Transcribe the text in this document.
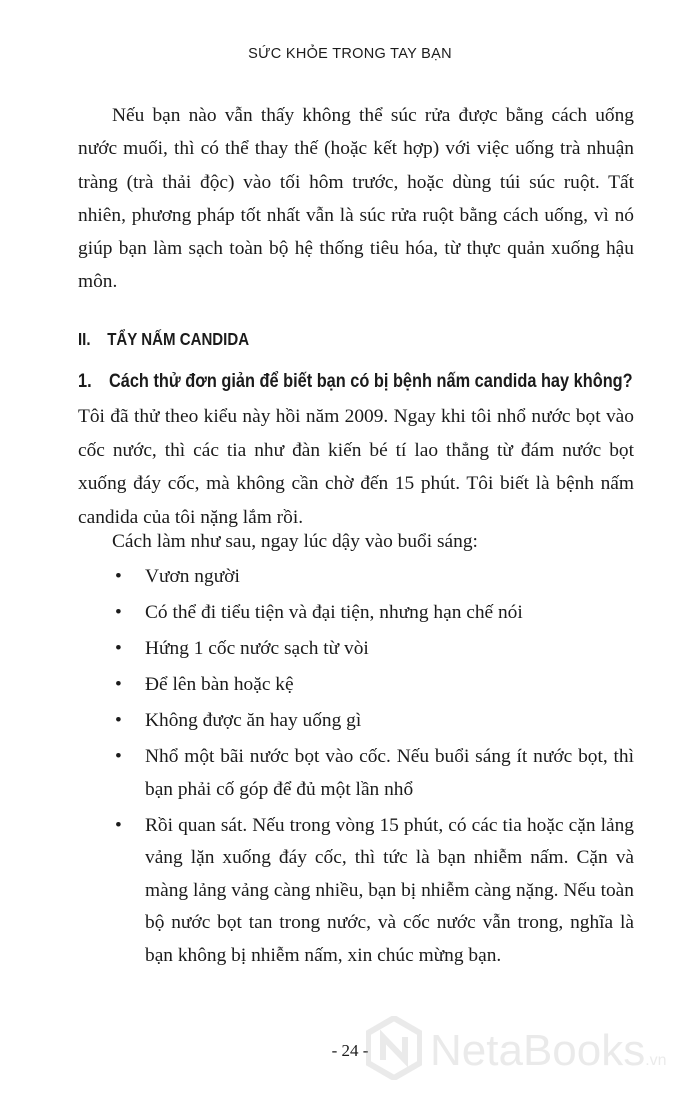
SỨC KHỎE TRONG TAY BẠN

Nếu bạn nào vẫn thấy không thể súc rửa được bằng cách uống nước muối, thì có thể thay thế (hoặc kết hợp) với việc uống trà nhuận tràng (trà thải độc) vào tối hôm trước, hoặc dùng túi súc ruột. Tất nhiên, phương pháp tốt nhất vẫn là súc rửa ruột bằng cách uống, vì nó giúp bạn làm sạch toàn bộ hệ thống tiêu hóa, từ thực quản xuống hậu môn.

II. TẨY NẤM CANDIDA
1. Cách thử đơn giản để biết bạn có bị bệnh nấm candida hay không?

Tôi đã thử theo kiểu này hồi năm 2009. Ngay khi tôi nhổ nước bọt vào cốc nước, thì các tia như đàn kiến bé tí lao thẳng từ đám nước bọt xuống đáy cốc, mà không cần chờ đến 15 phút. Tôi biết là bệnh nấm candida của tôi nặng lắm rồi.

Cách làm như sau, ngay lúc dậy vào buổi sáng:

• Vươn người
• Có thể đi tiểu tiện và đại tiện, nhưng hạn chế nói
• Hứng 1 cốc nước sạch từ vòi
• Để lên bàn hoặc kệ
• Không được ăn hay uống gì
• Nhổ một bãi nước bọt vào cốc. Nếu buổi sáng ít nước bọt, thì bạn phải cố góp để đủ một lần nhổ
• Rồi quan sát. Nếu trong vòng 15 phút, có các tia hoặc cặn lảng vảng lặn xuống đáy cốc, thì tức là bạn nhiễm nấm. Cặn và màng lảng vảng càng nhiều, bạn bị nhiễm càng nặng. Nếu toàn bộ nước bọt tan trong nước, và cốc nước vẫn trong, nghĩa là bạn không bị nhiễm nấm, xin chúc mừng bạn.
- 24 -	NetaBooks.vn
